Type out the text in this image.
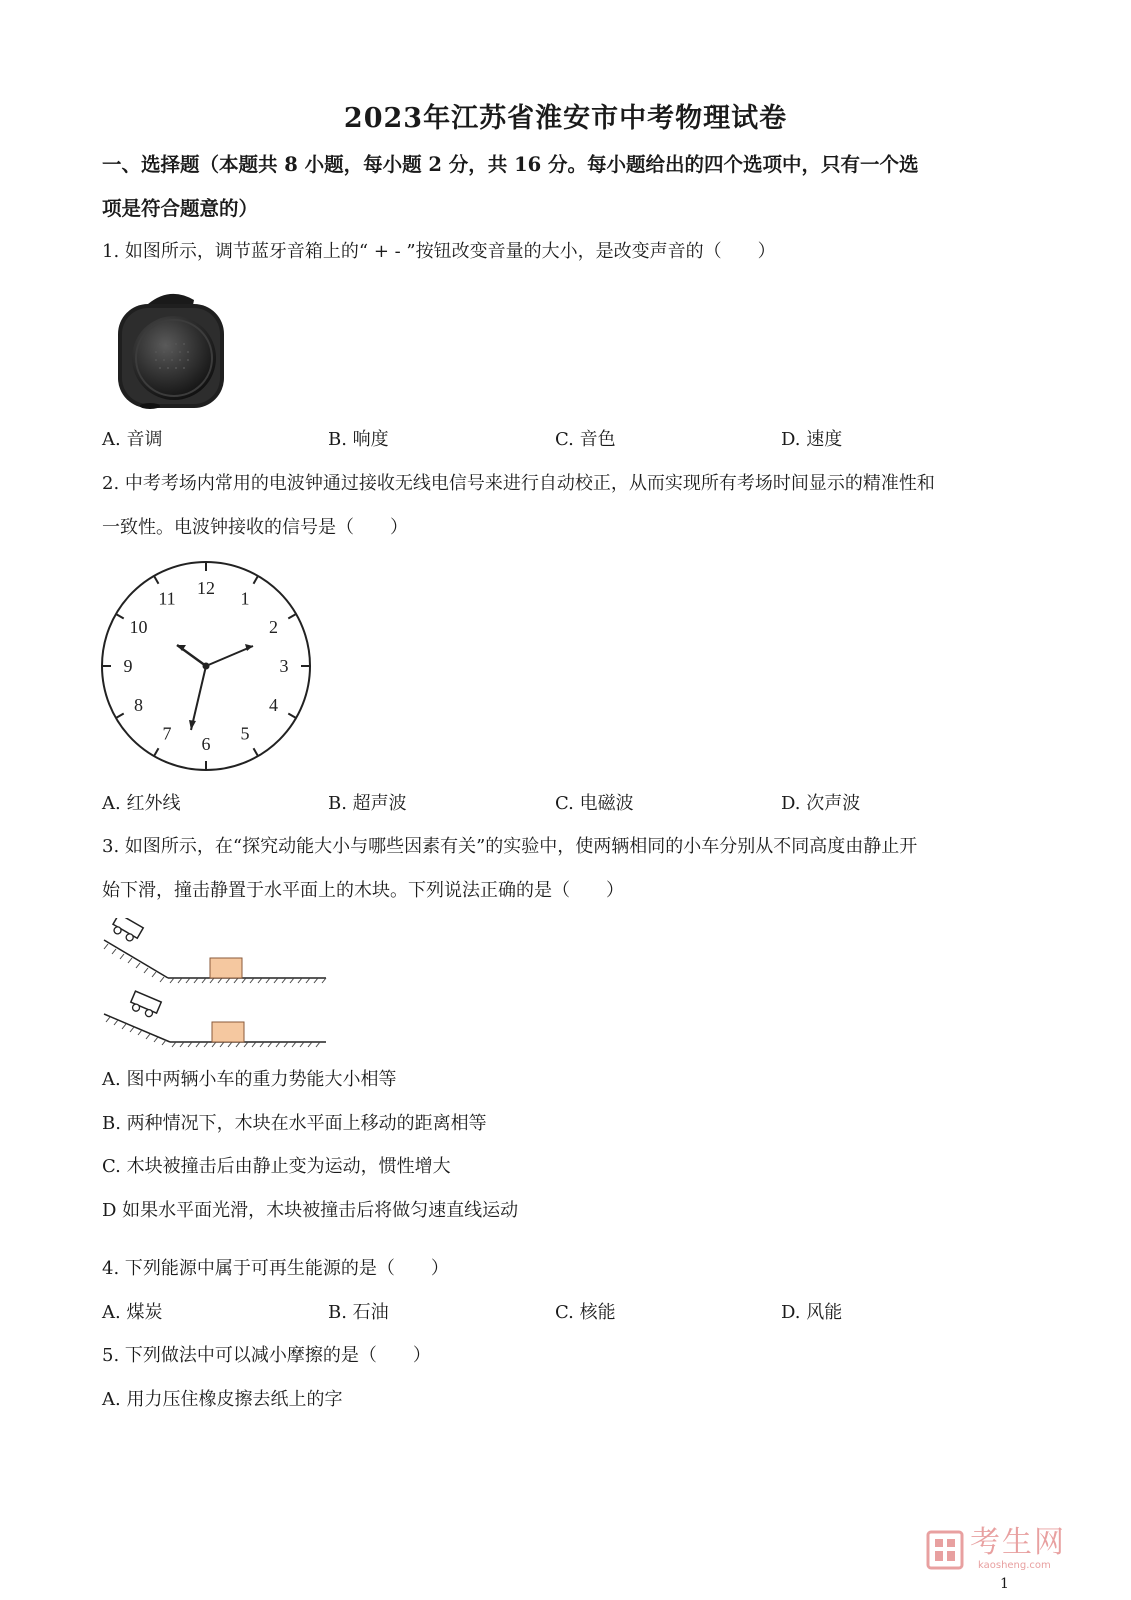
2023年江苏省淮安市中考物理试卷
一、选择题（本题共 8 小题，每小题 2 分，共 16 分。每小题给出的四个选项中，只有一个选
项是符合题意的）
1. 如图所示，调节蓝牙音箱上的“ + - ”按钮改变音量的大小，是改变声音的（　　）
A. 音调	B. 响度	C. 音色	D. 速度
2. 中考考场内常用的电波钟通过接收无线电信号来进行自动校正，从而实现所有考场时间显示的精准性和
一致性。电波钟接收的信号是（　　）
12
1
2
3
4
5
6
7
8
9
10
11
A. 红外线	B. 超声波	C. 电磁波	D. 次声波
3. 如图所示，在“探究动能大小与哪些因素有关”的实验中，使两辆相同的小车分别从不同高度由静止开
始下滑，撞击静置于水平面上的木块。下列说法正确的是（　　）
A. 图中两辆小车的重力势能大小相等
B. 两种情况下，木块在水平面上移动的距离相等
C. 木块被撞击后由静止变为运动，惯性增大
D 如果水平面光滑，木块被撞击后将做匀速直线运动
4. 下列能源中属于可再生能源的是（　　）
A. 煤炭	B. 石油	C. 核能	D. 风能
5. 下列做法中可以减小摩擦的是（　　）
A. 用力压住橡皮擦去纸上的字
考生网
kaosheng.com
1
